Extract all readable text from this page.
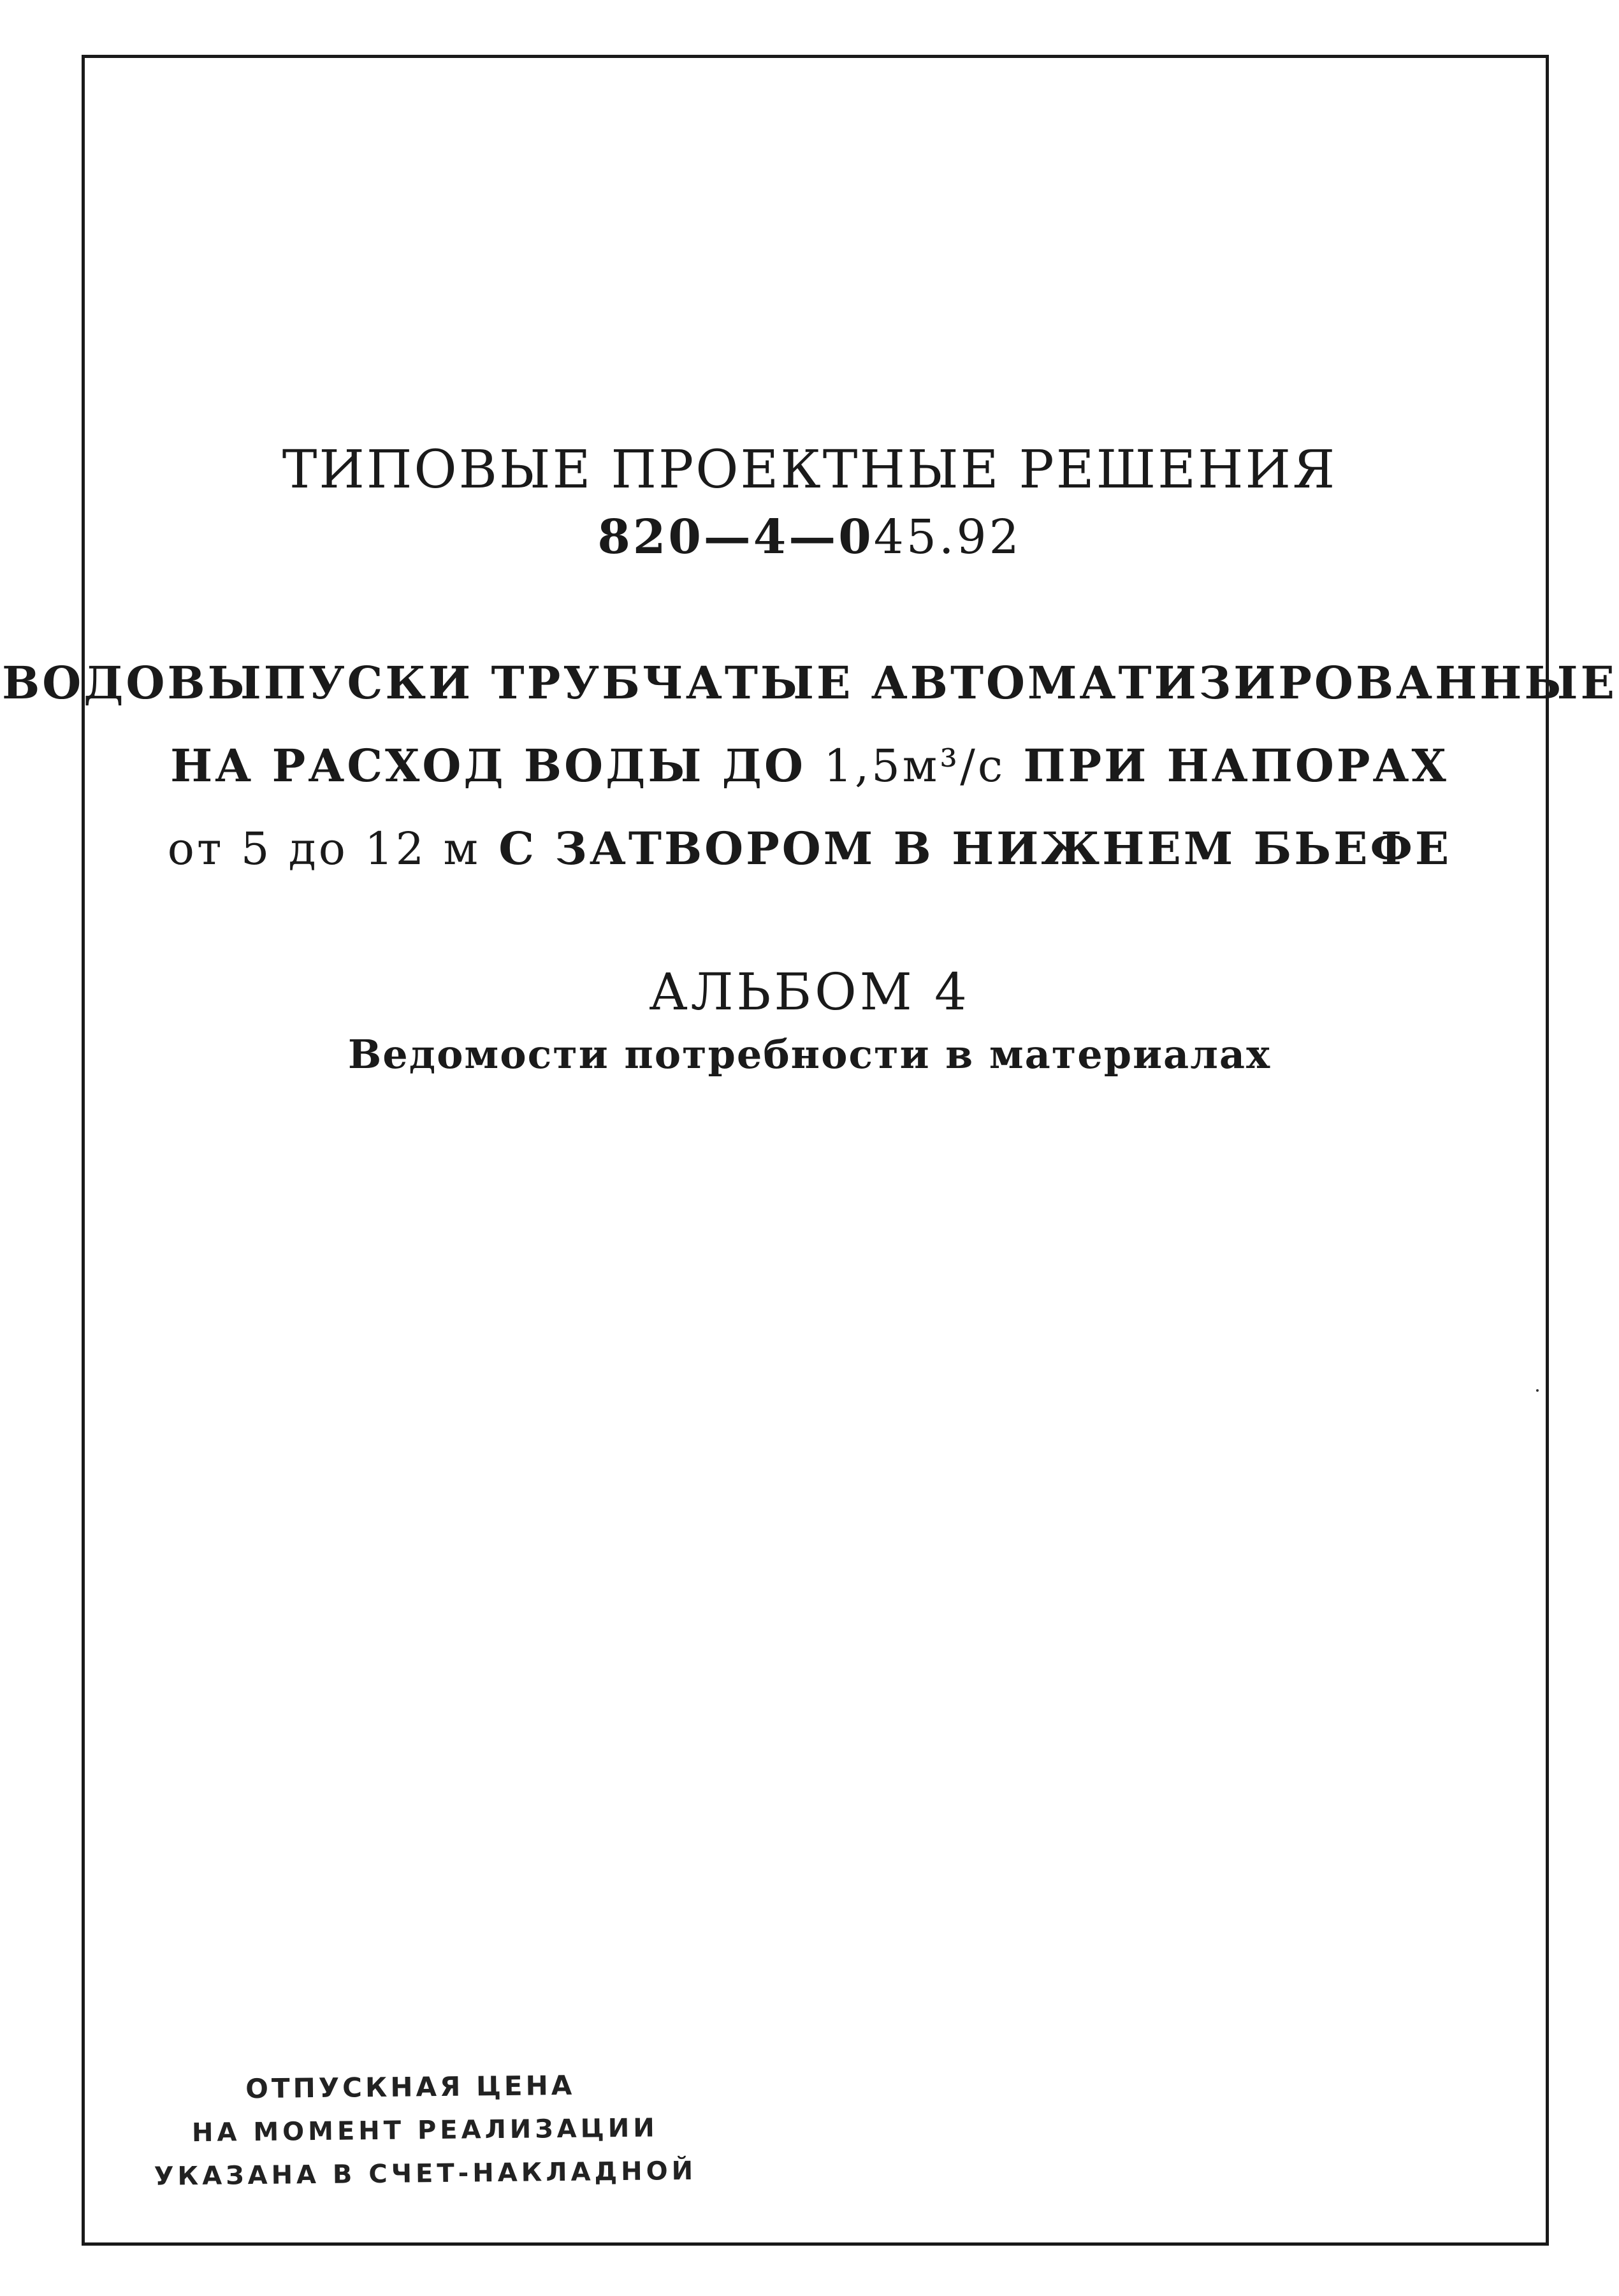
ТИПОВЫЕ ПРОЕКТНЫЕ РЕШЕНИЯ
820—4—045.92
ВОДОВЫПУСКИ ТРУБЧАТЫЕ АВТОМАТИЗИРОВАННЫЕ
НА РАСХОД ВОДЫ ДО 1,5м³/с ПРИ НАПОРАХ
от 5 до 12 м С ЗАТВОРОМ В НИЖНЕМ БЬЕФЕ
АЛЬБОМ 4
Ведомости потребности в материалах
ОТПУСКНАЯ ЦЕНА
НА МОМЕНТ РЕАЛИЗАЦИИ
УКАЗАНА В СЧЕТ-НАКЛАДНОЙ
